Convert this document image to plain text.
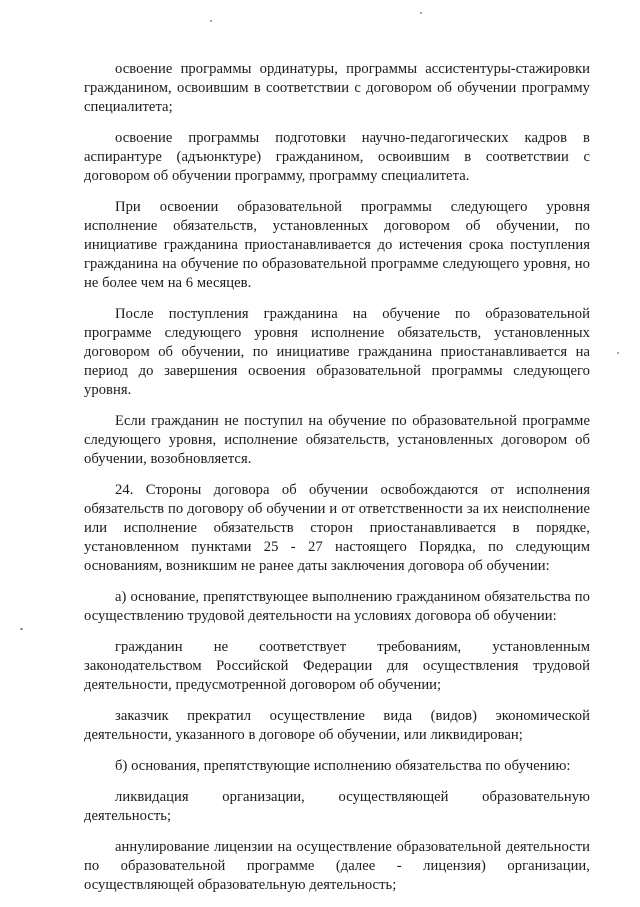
освоение программы ординатуры, программы ассистентуры-стажировки гражданином, освоившим в соответствии с договором об обучении программу специалитета;

освоение программы подготовки научно-педагогических кадров в аспирантуре (адъюнктуре) гражданином, освоившим в соответствии с договором об обучении программу, программу специалитета.

При освоении образовательной программы следующего уровня исполнение обязательств, установленных договором об обучении, по инициативе гражданина приостанавливается до истечения срока поступления гражданина на обучение по образовательной программе следующего уровня, но не более чем на 6 месяцев.

После поступления гражданина на обучение по образовательной программе следующего уровня исполнение обязательств, установленных договором об обучении, по инициативе гражданина приостанавливается на период до завершения освоения образовательной программы следующего уровня.

Если гражданин не поступил на обучение по образовательной программе следующего уровня, исполнение обязательств, установленных договором об обучении, возобновляется.

24. Стороны договора об обучении освобождаются от исполнения обязательств по договору об обучении и от ответственности за их неисполнение или исполнение обязательств сторон приостанавливается в порядке, установленном пунктами 25 - 27 настоящего Порядка, по следующим основаниям, возникшим не ранее даты заключения договора об обучении:

а) основание, препятствующее выполнению гражданином обязательства по осуществлению трудовой деятельности на условиях договора об обучении:

гражданин не соответствует требованиям, установленным законодательством Российской Федерации для осуществления трудовой деятельности, предусмотренной договором об обучении;

заказчик прекратил осуществление вида (видов) экономической деятельности, указанного в договоре об обучении, или ликвидирован;

б) основания, препятствующие исполнению обязательства по обучению:

ликвидация организации, осуществляющей образовательную деятельность;

аннулирование лицензии на осуществление образовательной деятельности по образовательной программе (далее - лицензия) организации, осуществляющей образовательную деятельность;
